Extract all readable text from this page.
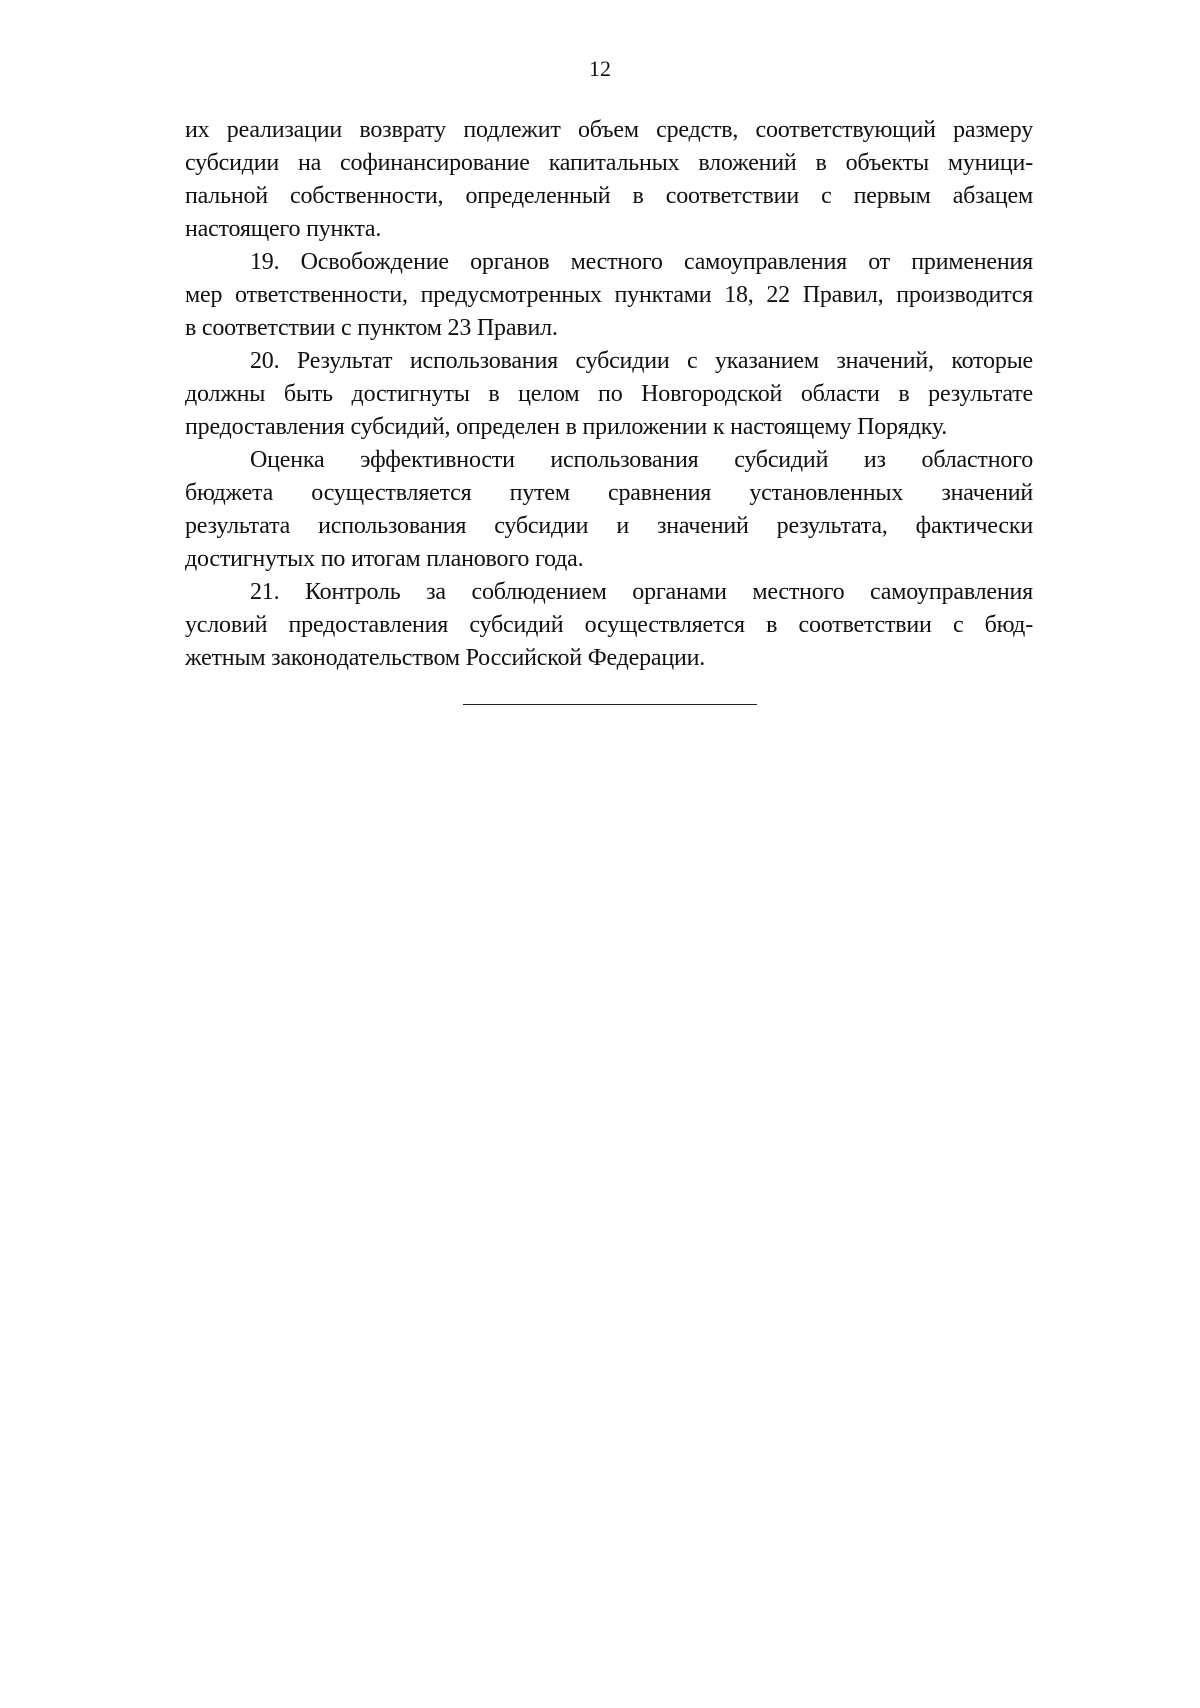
12
их реализации возврату подлежит объем средств, соответствующий размеру
субсидии на софинансирование капитальных вложений в объекты муници-
пальной собственности, определенный в соответствии с первым абзацем
настоящего пункта.
19. Освобождение органов местного самоуправления от применения
мер ответственности, предусмотренных пунктами 18, 22 Правил, производится
в соответствии с пунктом 23 Правил.
20. Результат использования субсидии с указанием значений, которые
должны быть достигнуты в целом по Новгородской области в результате
предоставления субсидий, определен в приложении к настоящему Порядку.
Оценка эффективности использования субсидий из областного
бюджета осуществляется путем сравнения установленных значений
результата использования субсидии и значений результата, фактически
достигнутых по итогам планового года.
21. Контроль за соблюдением органами местного самоуправления
условий предоставления субсидий осуществляется в соответствии с бюд-
жетным законодательством Российской Федерации.
